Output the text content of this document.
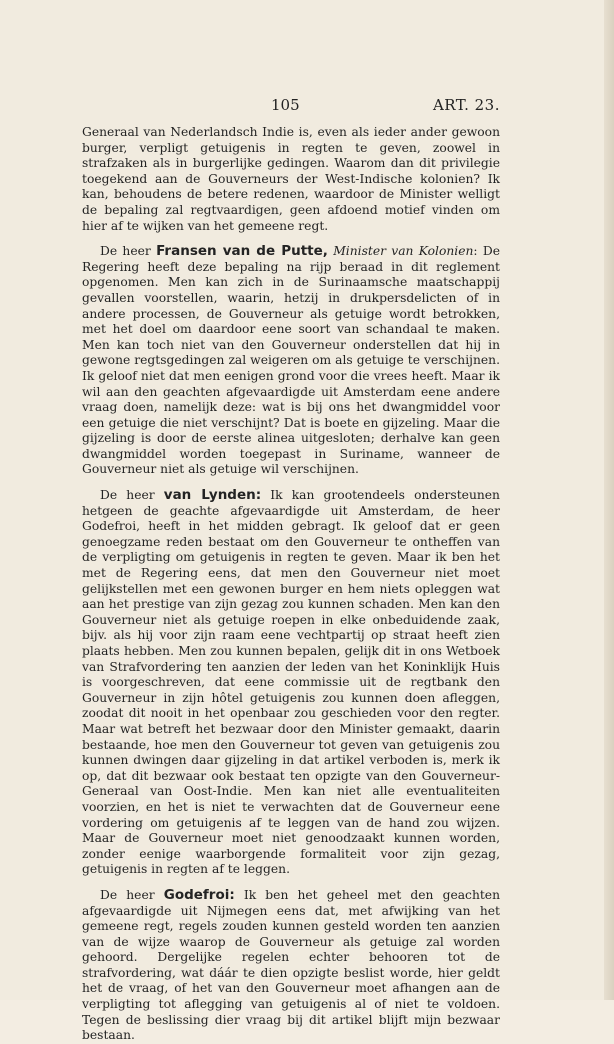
105	ART. 23.

Generaal van Nederlandsch Indie is, even als ieder ander gewoon burger, verpligt getuigenis in regten te geven, zoowel in strafzaken als in burgerlijke gedingen. Waarom dan dit privilegie toegekend aan de Gouverneurs der West-Indische kolonien? Ik kan, behoudens de betere redenen, waardoor de Minister welligt de bepaling zal regtvaardigen, geen afdoend motief vinden om hier af te wijken van het gemeene regt.

De heer Fransen van de Putte, Minister van Kolonien: De Regering heeft deze bepaling na rijp beraad in dit reglement opgenomen. Men kan zich in de Surinaamsche maatschappij gevallen voorstellen, waarin, hetzij in drukpersdelicten of in andere processen, de Gouverneur als getuige wordt betrokken, met het doel om daardoor eene soort van schandaal te maken. Men kan toch niet van den Gouverneur onderstellen dat hij in gewone regtsgedingen zal weigeren om als getuige te verschijnen. Ik geloof niet dat men eenigen grond voor die vrees heeft. Maar ik wil aan den geachten afgevaardigde uit Amsterdam eene andere vraag doen, namelijk deze: wat is bij ons het dwangmiddel voor een getuige die niet verschijnt? Dat is boete en gijzeling. Maar die gijzeling is door de eerste alinea uitgesloten; derhalve kan geen dwangmiddel worden toegepast in Suriname, wanneer de Gouverneur niet als getuige wil verschijnen.

De heer van Lynden: Ik kan grootendeels ondersteunen hetgeen de geachte afgevaardigde uit Amsterdam, de heer Godefroi, heeft in het midden gebragt. Ik geloof dat er geen genoegzame reden bestaat om den Gouverneur te ontheffen van de verpligting om getuigenis in regten te geven. Maar ik ben het met de Regering eens, dat men den Gouverneur niet moet gelijkstellen met een gewonen burger en hem niets opleggen wat aan het prestige van zijn gezag zou kunnen schaden. Men kan den Gouverneur niet als getuige roepen in elke onbeduidende zaak, bijv. als hij voor zijn raam eene vechtpartij op straat heeft zien plaats hebben. Men zou kunnen bepalen, gelijk dit in ons Wetboek van Strafvordering ten aanzien der leden van het Koninklijk Huis is voorgeschreven, dat eene commissie uit de regtbank den Gouverneur in zijn hôtel getuigenis zou kunnen doen afleggen, zoodat dit nooit in het openbaar zou geschieden voor den regter. Maar wat betreft het bezwaar door den Minister gemaakt, daarin bestaande, hoe men den Gouverneur tot geven van getuigenis zou kunnen dwingen daar gijzeling in dat artikel verboden is, merk ik op, dat dit bezwaar ook bestaat ten opzigte van den Gouverneur-Generaal van Oost-Indie. Men kan niet alle eventualiteiten voorzien, en het is niet te verwachten dat de Gouverneur eene vordering om getuigenis af te leggen van de hand zou wijzen. Maar de Gouverneur moet niet genoodzaakt kunnen worden, zonder eenige waarborgende formaliteit voor zijn gezag, getuigenis in regten af te leggen.

De heer Godefroi: Ik ben het geheel met den geachten afgevaardigde uit Nijmegen eens dat, met afwijking van het gemeene regt, regels zouden kunnen gesteld worden ten aanzien van de wijze waarop de Gouverneur als getuige zal worden gehoord. Dergelijke regelen echter behooren tot de strafvordering, wat dáár te dien opzigte beslist worde, hier geldt het de vraag, of het van den Gouverneur moet afhangen aan de verpligting tot aflegging van getuigenis al of niet te voldoen. Tegen de beslissing dier vraag bij dit artikel blijft mijn bezwaar bestaan.
